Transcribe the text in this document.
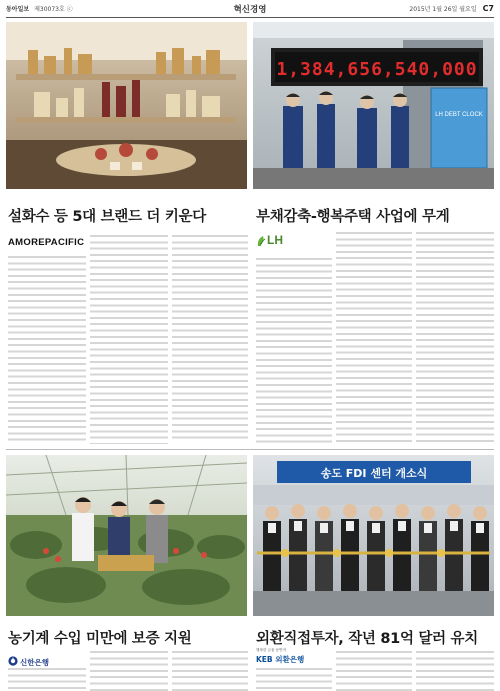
동아일보 제30073호 ⓒ	혁신경영	2015년 1월 26일 월요일 C7
설화수 등 5대 브랜드 더 키운다
AMOREPACIFIC
1,384,656,540,000
LH DEBT CLOCK
부채감축-행복주택 사업에 무게
LH
농기계 수입 미만에 보증 지원
신한은행
송도 FDI 센터 개소식
외환직접투자, 작년 81억 달러 유치
행복한 금융 동반자
KEB 외환은행
